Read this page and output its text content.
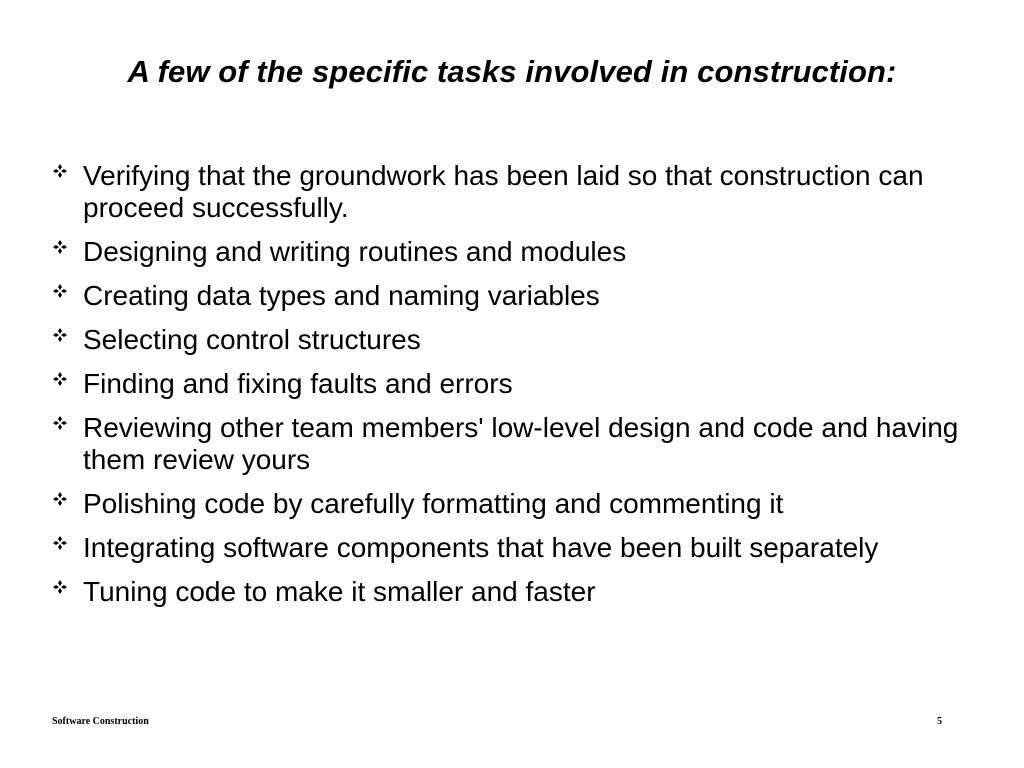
A few of the specific tasks involved in construction:
Verifying that the groundwork has been laid so that construction can proceed successfully.
Designing and writing routines and modules
Creating data types and naming variables
Selecting control structures
Finding and fixing faults and errors
Reviewing other team members' low-level design and code and having them review yours
Polishing code by carefully formatting and commenting it
Integrating software components that have been built separately
Tuning code to make it smaller and faster
Software Construction	5
